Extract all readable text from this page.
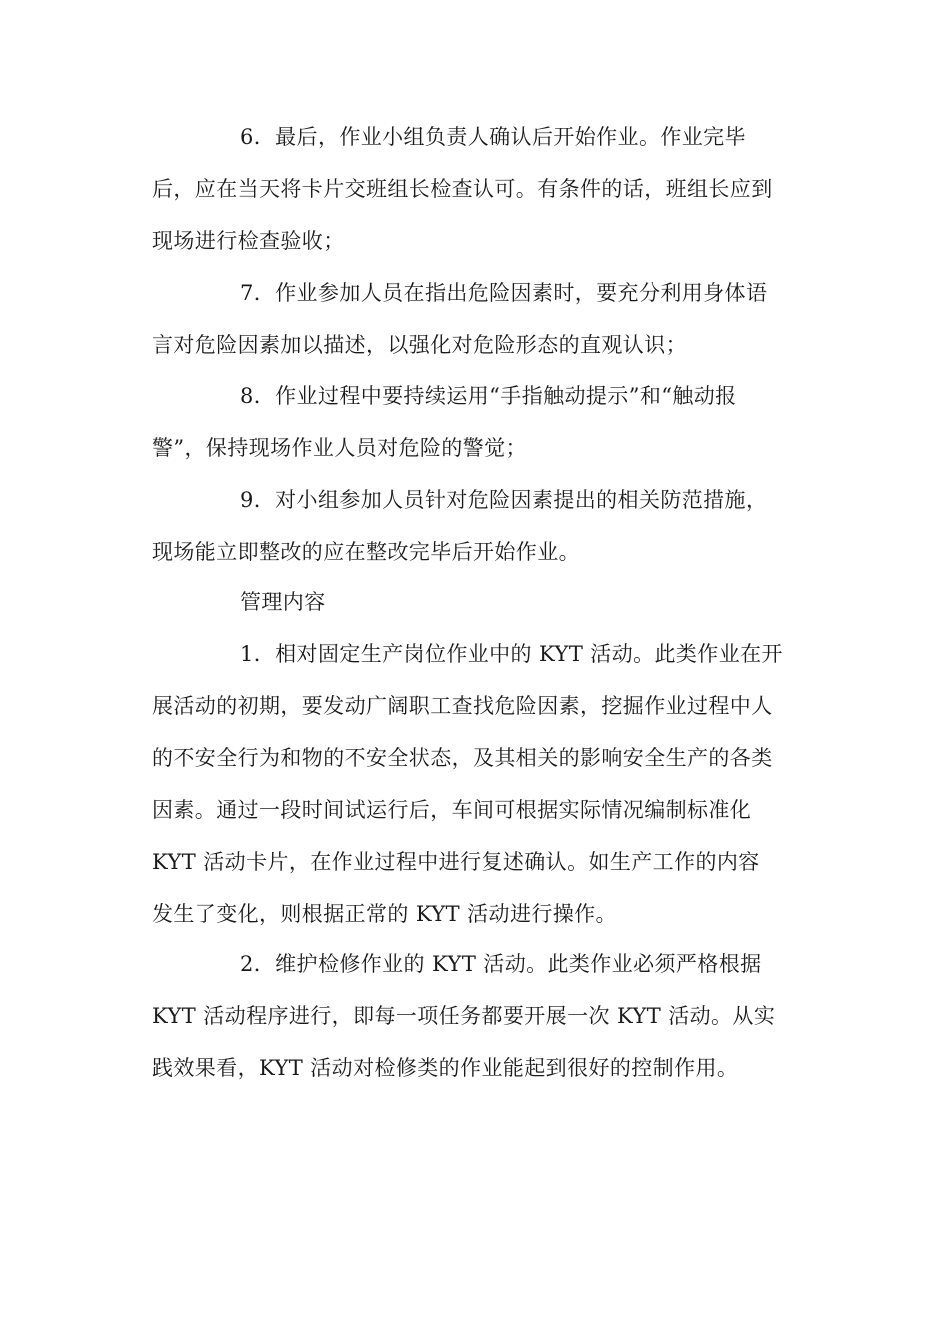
6．最后，作业小组负责人确认后开始作业。作业完毕
后，应在当天将卡片交班组长检查认可。有条件的话，班组长应到
现场进行检查验收；
7．作业参加人员在指出危险因素时，要充分利用身体语
言对危险因素加以描述，以强化对危险形态的直观认识；
8．作业过程中要持续运用“手指触动提示”和“触动报
警”，保持现场作业人员对危险的警觉；
9．对小组参加人员针对危险因素提出的相关防范措施，
现场能立即整改的应在整改完毕后开始作业。
管理内容
1．相对固定生产岗位作业中的 KYT 活动。此类作业在开
展活动的初期，要发动广阔职工查找危险因素，挖掘作业过程中人
的不安全行为和物的不安全状态，及其相关的影响安全生产的各类
因素。通过一段时间试运行后，车间可根据实际情况编制标准化
KYT 活动卡片，在作业过程中进行复述确认。如生产工作的内容
发生了变化，则根据正常的 KYT 活动进行操作。
2．维护检修作业的 KYT 活动。此类作业必须严格根据
KYT 活动程序进行，即每一项任务都要开展一次 KYT 活动。从实
践效果看，KYT 活动对检修类的作业能起到很好的控制作用。
